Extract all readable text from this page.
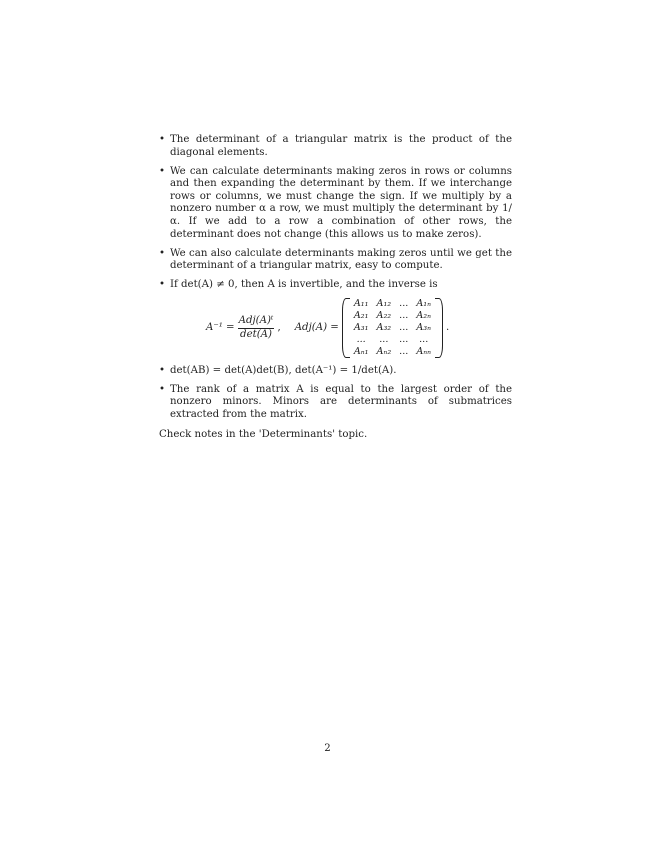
• The determinant of a triangular matrix is the product of the diagonal elements.
• We can calculate determinants making zeros in rows or columns and then expanding the determinant by them. If we interchange rows or columns, we must change the sign. If we multiply by a nonzero number α a row, we must multiply the determinant by 1/α. If we add to a row a combination of other rows, the determinant does not change (this allows us to make zeros).
• We can also calculate determinants making zeros until we get the determinant of a triangular matrix, easy to compute.
• If det(A) ≠ 0, then A is invertible, and the inverse is
$A^{-1} = \frac{\text{Adj(A)ᵗ}}{\det(A)}$ , Adj(A) =
A₁₁	A₁₂	...	A₁ₙ
A₂₁	A₂₂	...	A₂ₙ
A₃₁	A₃₂	...	A₃ₙ
...	...	...	...
Aₙ₁	Aₙ₂	...	Aₙₙ
.
• det(AB) = det(A)det(B), det(A⁻¹) = 1/det(A).
• The rank of a matrix A is equal to the largest order of the nonzero minors. Minors are determinants of submatrices extracted from the matrix.
Check notes in the 'Determinants' topic.
2
